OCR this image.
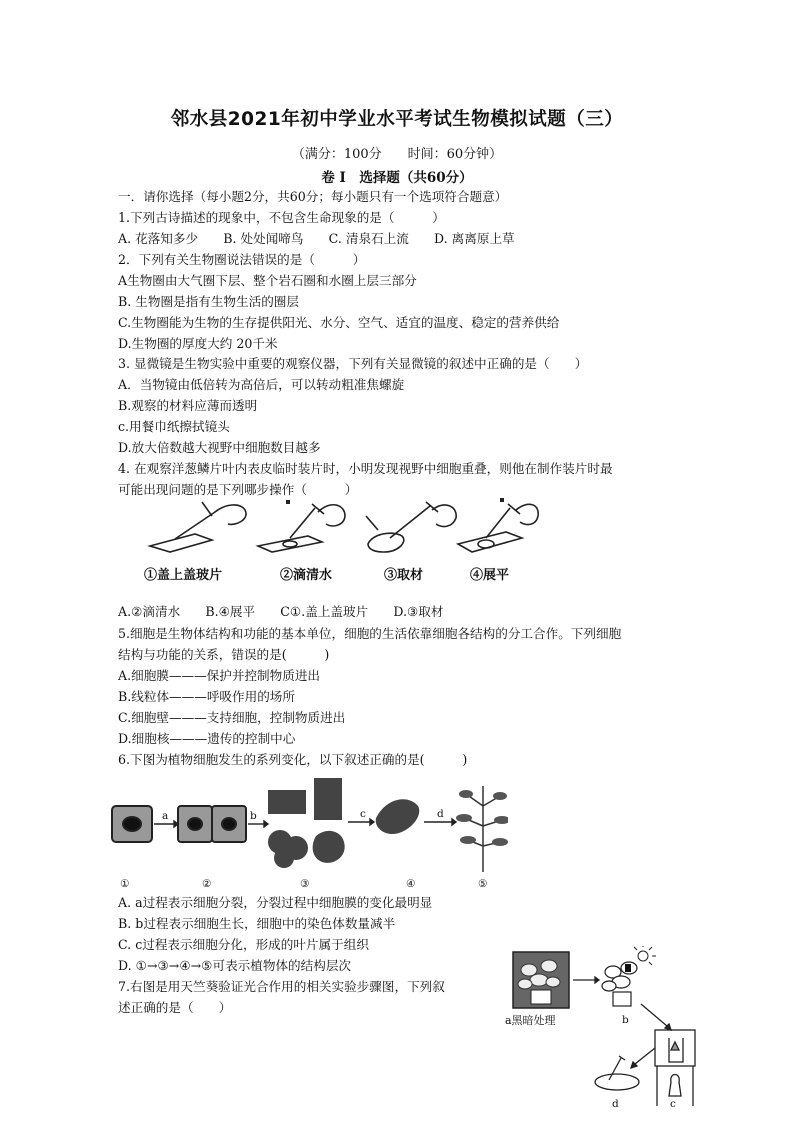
邻水县2021年初中学业水平考试生物模拟试题（三）
（满分：100分　　时间：60分钟）
卷 Ⅰ　选择题（共60分）
一．请你选择（每小题2分，共60分；每小题只有一个选项符合题意）
1.下列古诗描述的现象中，不包含生命现象的是（　　　）
A. 花落知多少　　B. 处处闻啼鸟　　C. 清泉石上流　　D. 离离原上草
2．下列有关生物圈说法错误的是（　　　）
A生物圈由大气圈下层、整个岩石圈和水圈上层三部分
B. 生物圈是指有生物生活的圈层
C.生物圈能为生物的生存提供阳光、水分、空气、适宜的温度、稳定的营养供给
D.生物圈的厚度大约 20千米
3. 显微镜是生物实验中重要的观察仪器，下列有关显微镜的叙述中正确的是（　　）
A．当物镜由低倍转为高倍后，可以转动粗准焦螺旋
B.观察的材料应薄而透明
c.用餐巾纸擦拭镜头
D.放大倍数越大视野中细胞数目越多
4. 在观察洋葱鳞片叶内表皮临时装片时，小明发现视野中细胞重叠，则他在制作装片时最
可能出现问题的是下列哪步操作（　　　）
①盖上盖玻片	②滴清水	③取材	④展平
A.②滴清水　　B.④展平　　C①.盖上盖玻片　　D.③取材
5.细胞是生物体结构和功能的基本单位，细胞的生活依靠细胞各结构的分工合作。下列细胞
结构与功能的关系，错误的是(　　　)
A.细胞膜———保护并控制物质进出
B.线粒体———呼吸作用的场所
C.细胞壁———支持细胞，控制物质进出
D.细胞核———遗传的控制中心
6.下图为植物细胞发生的系列变化，以下叙述正确的是(　　　)
a	b	c	d
①	②	③	④	⑤
A. a过程表示细胞分裂，分裂过程中细胞膜的变化最明显
B. b过程表示细胞生长，细胞中的染色体数量减半
C. c过程表示细胞分化，形成的叶片属于组织
D. ①→③→④→⑤可表示植物体的结构层次
7.右图是用天竺葵验证光合作用的相关实验步骤图，下列叙
述正确的是（　　）
a黑暗处理	b
c
d
